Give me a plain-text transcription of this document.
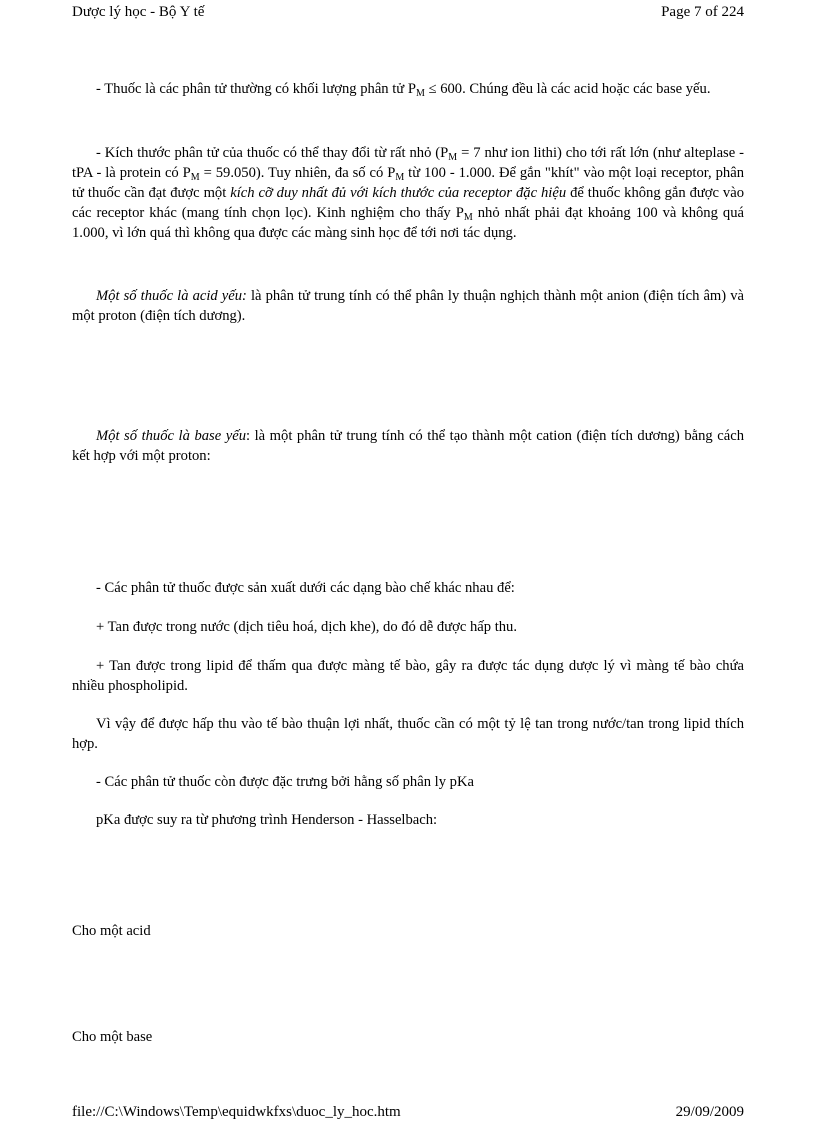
Dược lý học - Bộ Y tế	Page 7 of 224

- Thuốc là các phân tử thường có khối lượng phân tử $P_M \le 600$. Chúng đều là các acid hoặc các base yếu.

- Kích thước phân tử của thuốc có thể thay đổi từ rất nhỏ ($P_M = 7$ như ion lithi) cho tới rất lớn (như alteplase - tPA - là protein có $P_M = 59.050$). Tuy nhiên, đa số có $P_M$ từ 100 - 1.000. Để gắn "khít" vào một loại receptor, phân tử thuốc cần đạt được một kích cỡ duy nhất đủ với kích thước của receptor đặc hiệu để thuốc không gắn được vào các receptor khác (mang tính chọn lọc). Kinh nghiệm cho thấy $P_M$ nhỏ nhất phải đạt khoảng 100 và không quá 1.000, vì lớn quá thì không qua được các màng sinh học để tới nơi tác dụng.

Một số thuốc là acid yếu: là phân tử trung tính có thể phân ly thuận nghịch thành một anion (điện tích âm) và một proton (điện tích dương).

Một số thuốc là base yếu: là một phân tử trung tính có thể tạo thành một cation (điện tích dương) bằng cách kết hợp với một proton:

- Các phân tử thuốc được sản xuất dưới các dạng bào chế khác nhau để:

+ Tan được trong nước (dịch tiêu hoá, dịch khe), do đó dễ được hấp thu.

+ Tan được trong lipid để thấm qua được màng tế bào, gây ra được tác dụng dược lý vì màng tế bào chứa nhiều phospholipid.

Vì vậy để được hấp thu vào tế bào thuận lợi nhất, thuốc cần có một tỷ lệ tan trong nước/tan trong lipid thích hợp.

- Các phân tử thuốc còn được đặc trưng bởi hằng số phân ly pKa

pKa được suy ra từ phương trình Henderson - Hasselbach:

Cho một acid

Cho một base

file://C:\Windows\Temp\equidwkfxs\duoc_ly_hoc.htm	29/09/2009
